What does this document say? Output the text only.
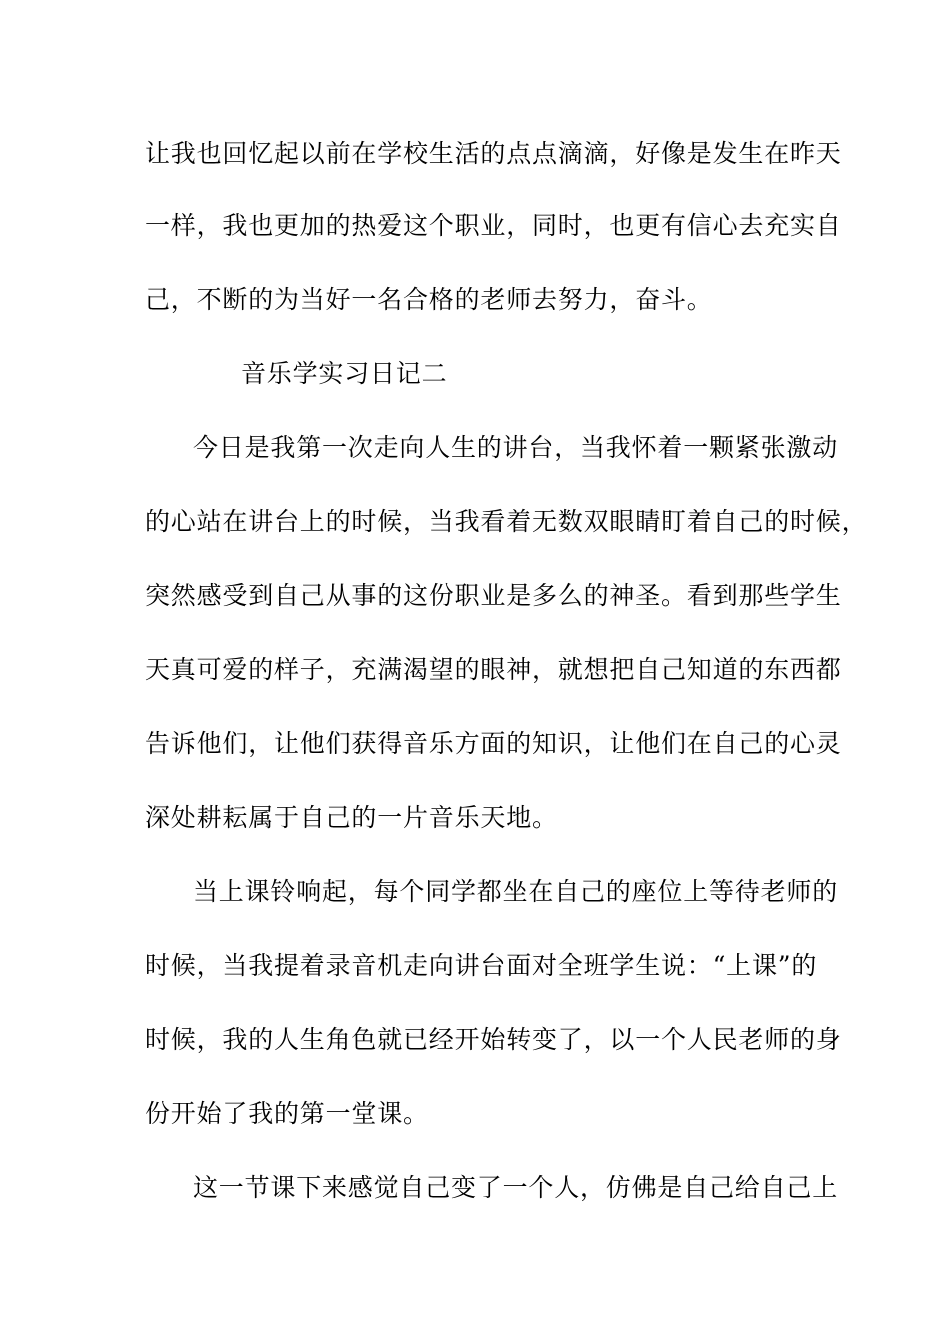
让我也回忆起以前在学校生活的点点滴滴，好像是发生在昨天
一样，我也更加的热爱这个职业，同时，也更有信心去充实自
己，不断的为当好一名合格的老师去努力，奋斗。
音乐学实习日记二
今日是我第一次走向人生的讲台，当我怀着一颗紧张激动
的心站在讲台上的时候，当我看着无数双眼睛盯着自己的时候，
突然感受到自己从事的这份职业是多么的神圣。看到那些学生
天真可爱的样子，充满渴望的眼神，就想把自己知道的东西都
告诉他们，让他们获得音乐方面的知识，让他们在自己的心灵
深处耕耘属于自己的一片音乐天地。
当上课铃响起，每个同学都坐在自己的座位上等待老师的
时候，当我提着录音机走向讲台面对全班学生说：“上课”的
时候，我的人生角色就已经开始转变了，以一个人民老师的身
份开始了我的第一堂课。
这一节课下来感觉自己变了一个人，仿佛是自己给自己上
